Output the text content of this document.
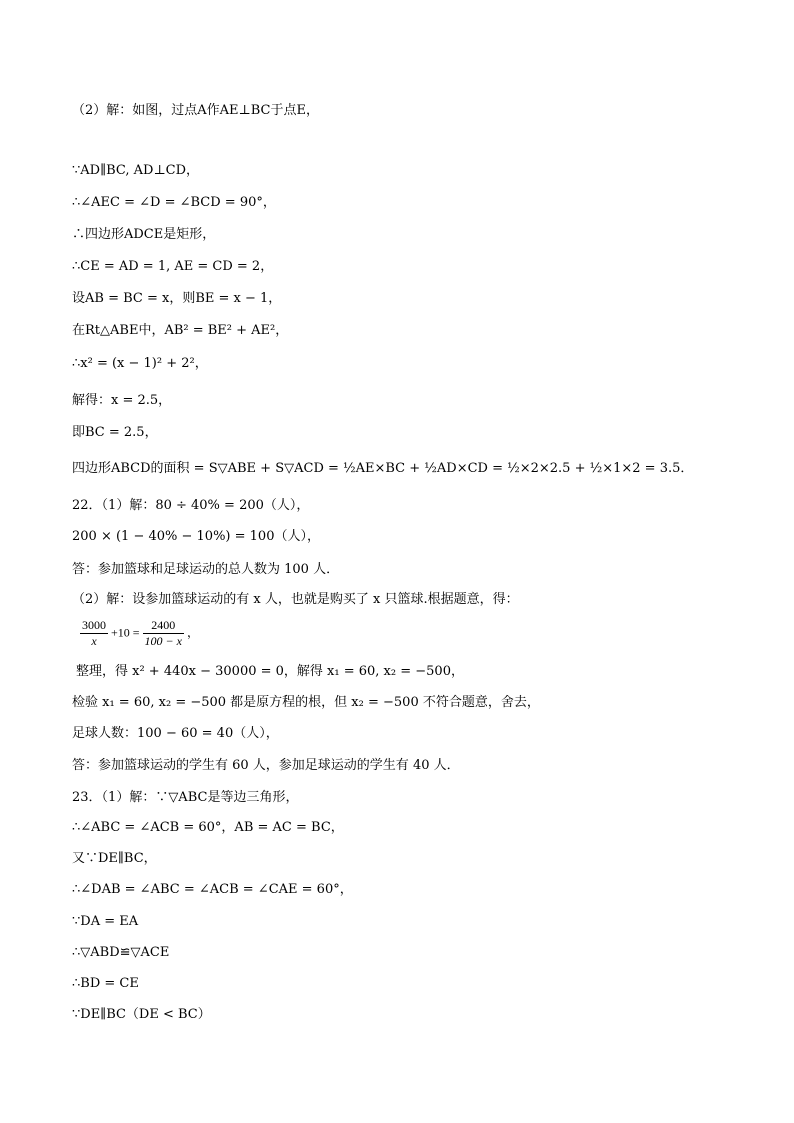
（2）解：如图，过点A作AE⊥BC于点E，
∵AD∥BC, AD⊥CD，
∴∠AEC = ∠D = ∠BCD = 90°，
∴四边形ADCE是矩形，
∴CE = AD = 1, AE = CD = 2，
设AB = BC = x，则BE = x − 1，
在Rt△ABE中，AB² = BE² + AE²，
∴x² = (x − 1)² + 2²，
解得：x = 2.5，
即BC = 2.5，
四边形ABCD的面积 = S▽ABE + S▽ACD = ½AE×BC + ½AD×CD = ½×2×2.5 + ½×1×2 = 3.5．
22．（1）解：80 ÷ 40% = 200（人），
200 × (1 − 40% − 10%) = 100（人），
答：参加篮球和足球运动的总人数为 100 人．
（2）解：设参加篮球运动的有 x 人，也就是购买了 x 只篮球.根据题意，得：
$\frac{3000}{x} +10 = \frac{2400}{100 - x}$ ，
整理，得 x² + 440x − 30000 = 0，解得 x₁ = 60, x₂ = −500，
检验 x₁ = 60, x₂ = −500 都是原方程的根，但 x₂ = −500 不符合题意，舍去，
足球人数：100 − 60 = 40（人），
答：参加篮球运动的学生有 60 人，参加足球运动的学生有 40 人．
23．（1）解：∵▽ABC是等边三角形，
∴∠ABC = ∠ACB = 60°，AB = AC = BC，
又∵DE∥BC，
∴∠DAB = ∠ABC = ∠ACB = ∠CAE = 60°，
∵DA = EA
∴▽ABD≌▽ACE
∴BD = CE
∵DE∥BC（DE < BC）
